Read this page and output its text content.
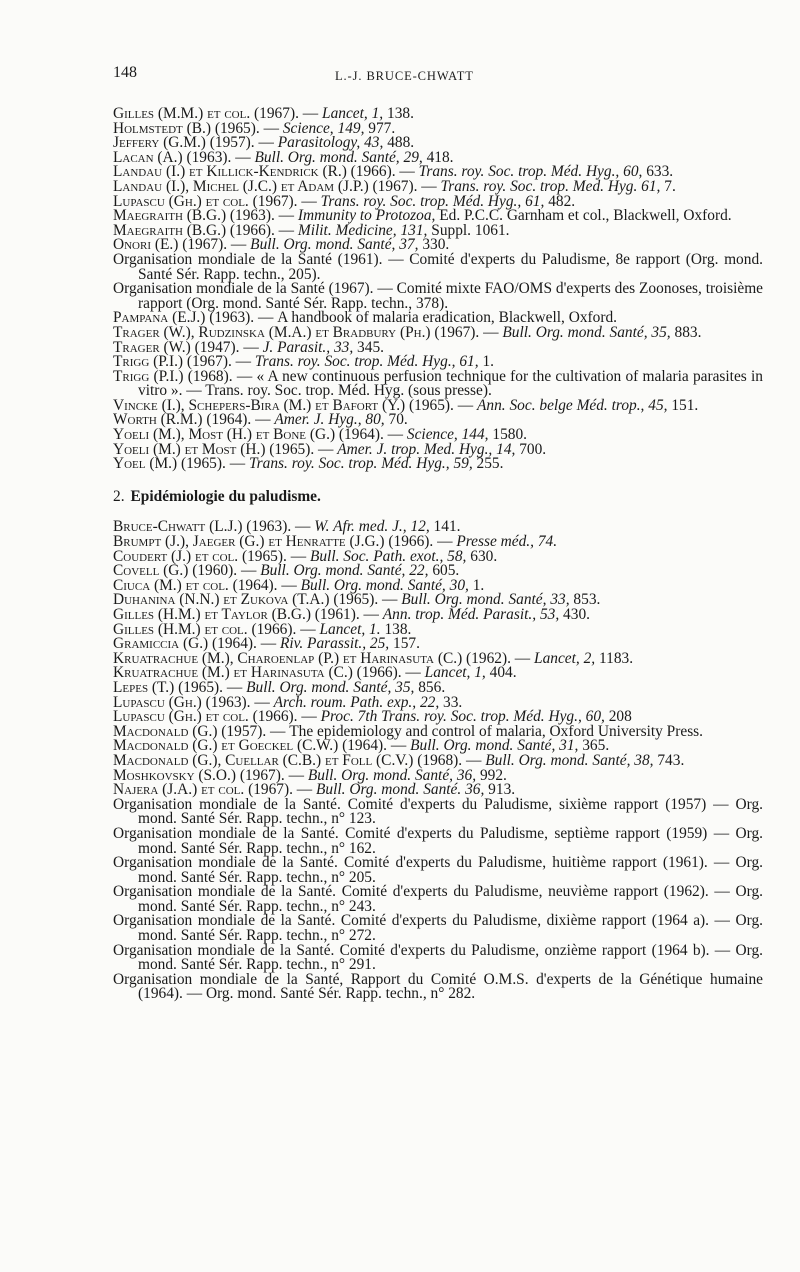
148	L.-J. BRUCE-CHWATT

Gilles (M.M.) et col. (1967). — Lancet, 1, 138.

Holmstedt (B.) (1965). — Science, 149, 977.

Jeffery (G.M.) (1957). — Parasitology, 43, 488.

Lacan (A.) (1963). — Bull. Org. mond. Santé, 29, 418.

Landau (I.) et Killick-Kendrick (R.) (1966). — Trans. roy. Soc. trop. Méd. Hyg., 60, 633.

Landau (I.), Michel (J.C.) et Adam (J.P.) (1967). — Trans. roy. Soc. trop. Med. Hyg. 61, 7.

Lupascu (Gh.) et col. (1967). — Trans. roy. Soc. trop. Méd. Hyg., 61, 482.

Maegraith (B.G.) (1963). — Immunity to Protozoa, Ed. P.C.C. Garnham et col., Blackwell, Oxford.

Maegraith (B.G.) (1966). — Milit. Medicine, 131, Suppl. 1061.

Onori (E.) (1967). — Bull. Org. mond. Santé, 37, 330.

Organisation mondiale de la Santé (1961). — Comité d'experts du Paludisme, 8e rapport (Org. mond. Santé Sér. Rapp. techn., 205).

Organisation mondiale de la Santé (1967). — Comité mixte FAO/OMS d'experts des Zoonoses, troisième rapport (Org. mond. Santé Sér. Rapp. techn., 378).

Pampana (E.J.) (1963). — A handbook of malaria eradication, Blackwell, Oxford.

Trager (W.), Rudzinska (M.A.) et Bradbury (Ph.) (1967). — Bull. Org. mond. Santé, 35, 883.

Trager (W.) (1947). — J. Parasit., 33, 345.

Trigg (P.I.) (1967). — Trans. roy. Soc. trop. Méd. Hyg., 61, 1.

Trigg (P.I.) (1968). — « A new continuous perfusion technique for the cultivation of malaria parasites in vitro ». — Trans. roy. Soc. trop. Méd. Hyg. (sous presse).

Vincke (I.), Schepers-Bira (M.) et Bafort (Y.) (1965). — Ann. Soc. belge Méd. trop., 45, 151.

Worth (R.M.) (1964). — Amer. J. Hyg., 80, 70.

Yoeli (M.), Most (H.) et Bone (G.) (1964). — Science, 144, 1580.

Yoeli (M.) et Most (H.) (1965). — Amer. J. trop. Med. Hyg., 14, 700.

Yoel (M.) (1965). — Trans. roy. Soc. trop. Méd. Hyg., 59, 255.

2. Epidémiologie du paludisme.

Bruce-Chwatt (L.J.) (1963). — W. Afr. med. J., 12, 141.

Brumpt (J.), Jaeger (G.) et Henratte (J.G.) (1966). — Presse méd., 74.

Coudert (J.) et col. (1965). — Bull. Soc. Path. exot., 58, 630.

Covell (G.) (1960). — Bull. Org. mond. Santé, 22, 605.

Ciuca (M.) et col. (1964). — Bull. Org. mond. Santé, 30, 1.

Duhanina (N.N.) et Zukova (T.A.) (1965). — Bull. Org. mond. Santé, 33, 853.

Gilles (H.M.) et Taylor (B.G.) (1961). — Ann. trop. Méd. Parasit., 53, 430.

Gilles (H.M.) et col. (1966). — Lancet, 1. 138.

Gramiccia (G.) (1964). — Riv. Parassit., 25, 157.

Kruatrachue (M.), Charoenlap (P.) et Harinasuta (C.) (1962). — Lancet, 2, 1183.

Kruatrachue (M.) et Harinasuta (C.) (1966). — Lancet, 1, 404.

Lepes (T.) (1965). — Bull. Org. mond. Santé, 35, 856.

Lupascu (Gh.) (1963). — Arch. roum. Path. exp., 22, 33.

Lupascu (Gh.) et col. (1966). — Proc. 7th Trans. roy. Soc. trop. Méd. Hyg., 60, 208

Macdonald (G.) (1957). — The epidemiology and control of malaria, Oxford University Press.

Macdonald (G.) et Goeckel (C.W.) (1964). — Bull. Org. mond. Santé, 31, 365.

Macdonald (G.), Cuellar (C.B.) et Foll (C.V.) (1968). — Bull. Org. mond. Santé, 38, 743.

Moshkovsky (S.O.) (1967). — Bull. Org. mond. Santé, 36, 992.

Najera (J.A.) et col. (1967). — Bull. Org. mond. Santé. 36, 913.

Organisation mondiale de la Santé. Comité d'experts du Paludisme, sixième rapport (1957) — Org. mond. Santé Sér. Rapp. techn., n° 123.

Organisation mondiale de la Santé. Comité d'experts du Paludisme, septième rapport (1959) — Org. mond. Santé Sér. Rapp. techn., n° 162.

Organisation mondiale de la Santé. Comité d'experts du Paludisme, huitième rapport (1961). — Org. mond. Santé Sér. Rapp. techn., n° 205.

Organisation mondiale de la Santé. Comité d'experts du Paludisme, neuvième rapport (1962). — Org. mond. Santé Sér. Rapp. techn., n° 243.

Organisation mondiale de la Santé. Comité d'experts du Paludisme, dixième rapport (1964 a). — Org. mond. Santé Sér. Rapp. techn., n° 272.

Organisation mondiale de la Santé. Comité d'experts du Paludisme, onzième rapport (1964 b). — Org. mond. Santé Sér. Rapp. techn., n° 291.

Organisation mondiale de la Santé, Rapport du Comité O.M.S. d'experts de la Génétique humaine (1964). — Org. mond. Santé Sér. Rapp. techn., n° 282.
